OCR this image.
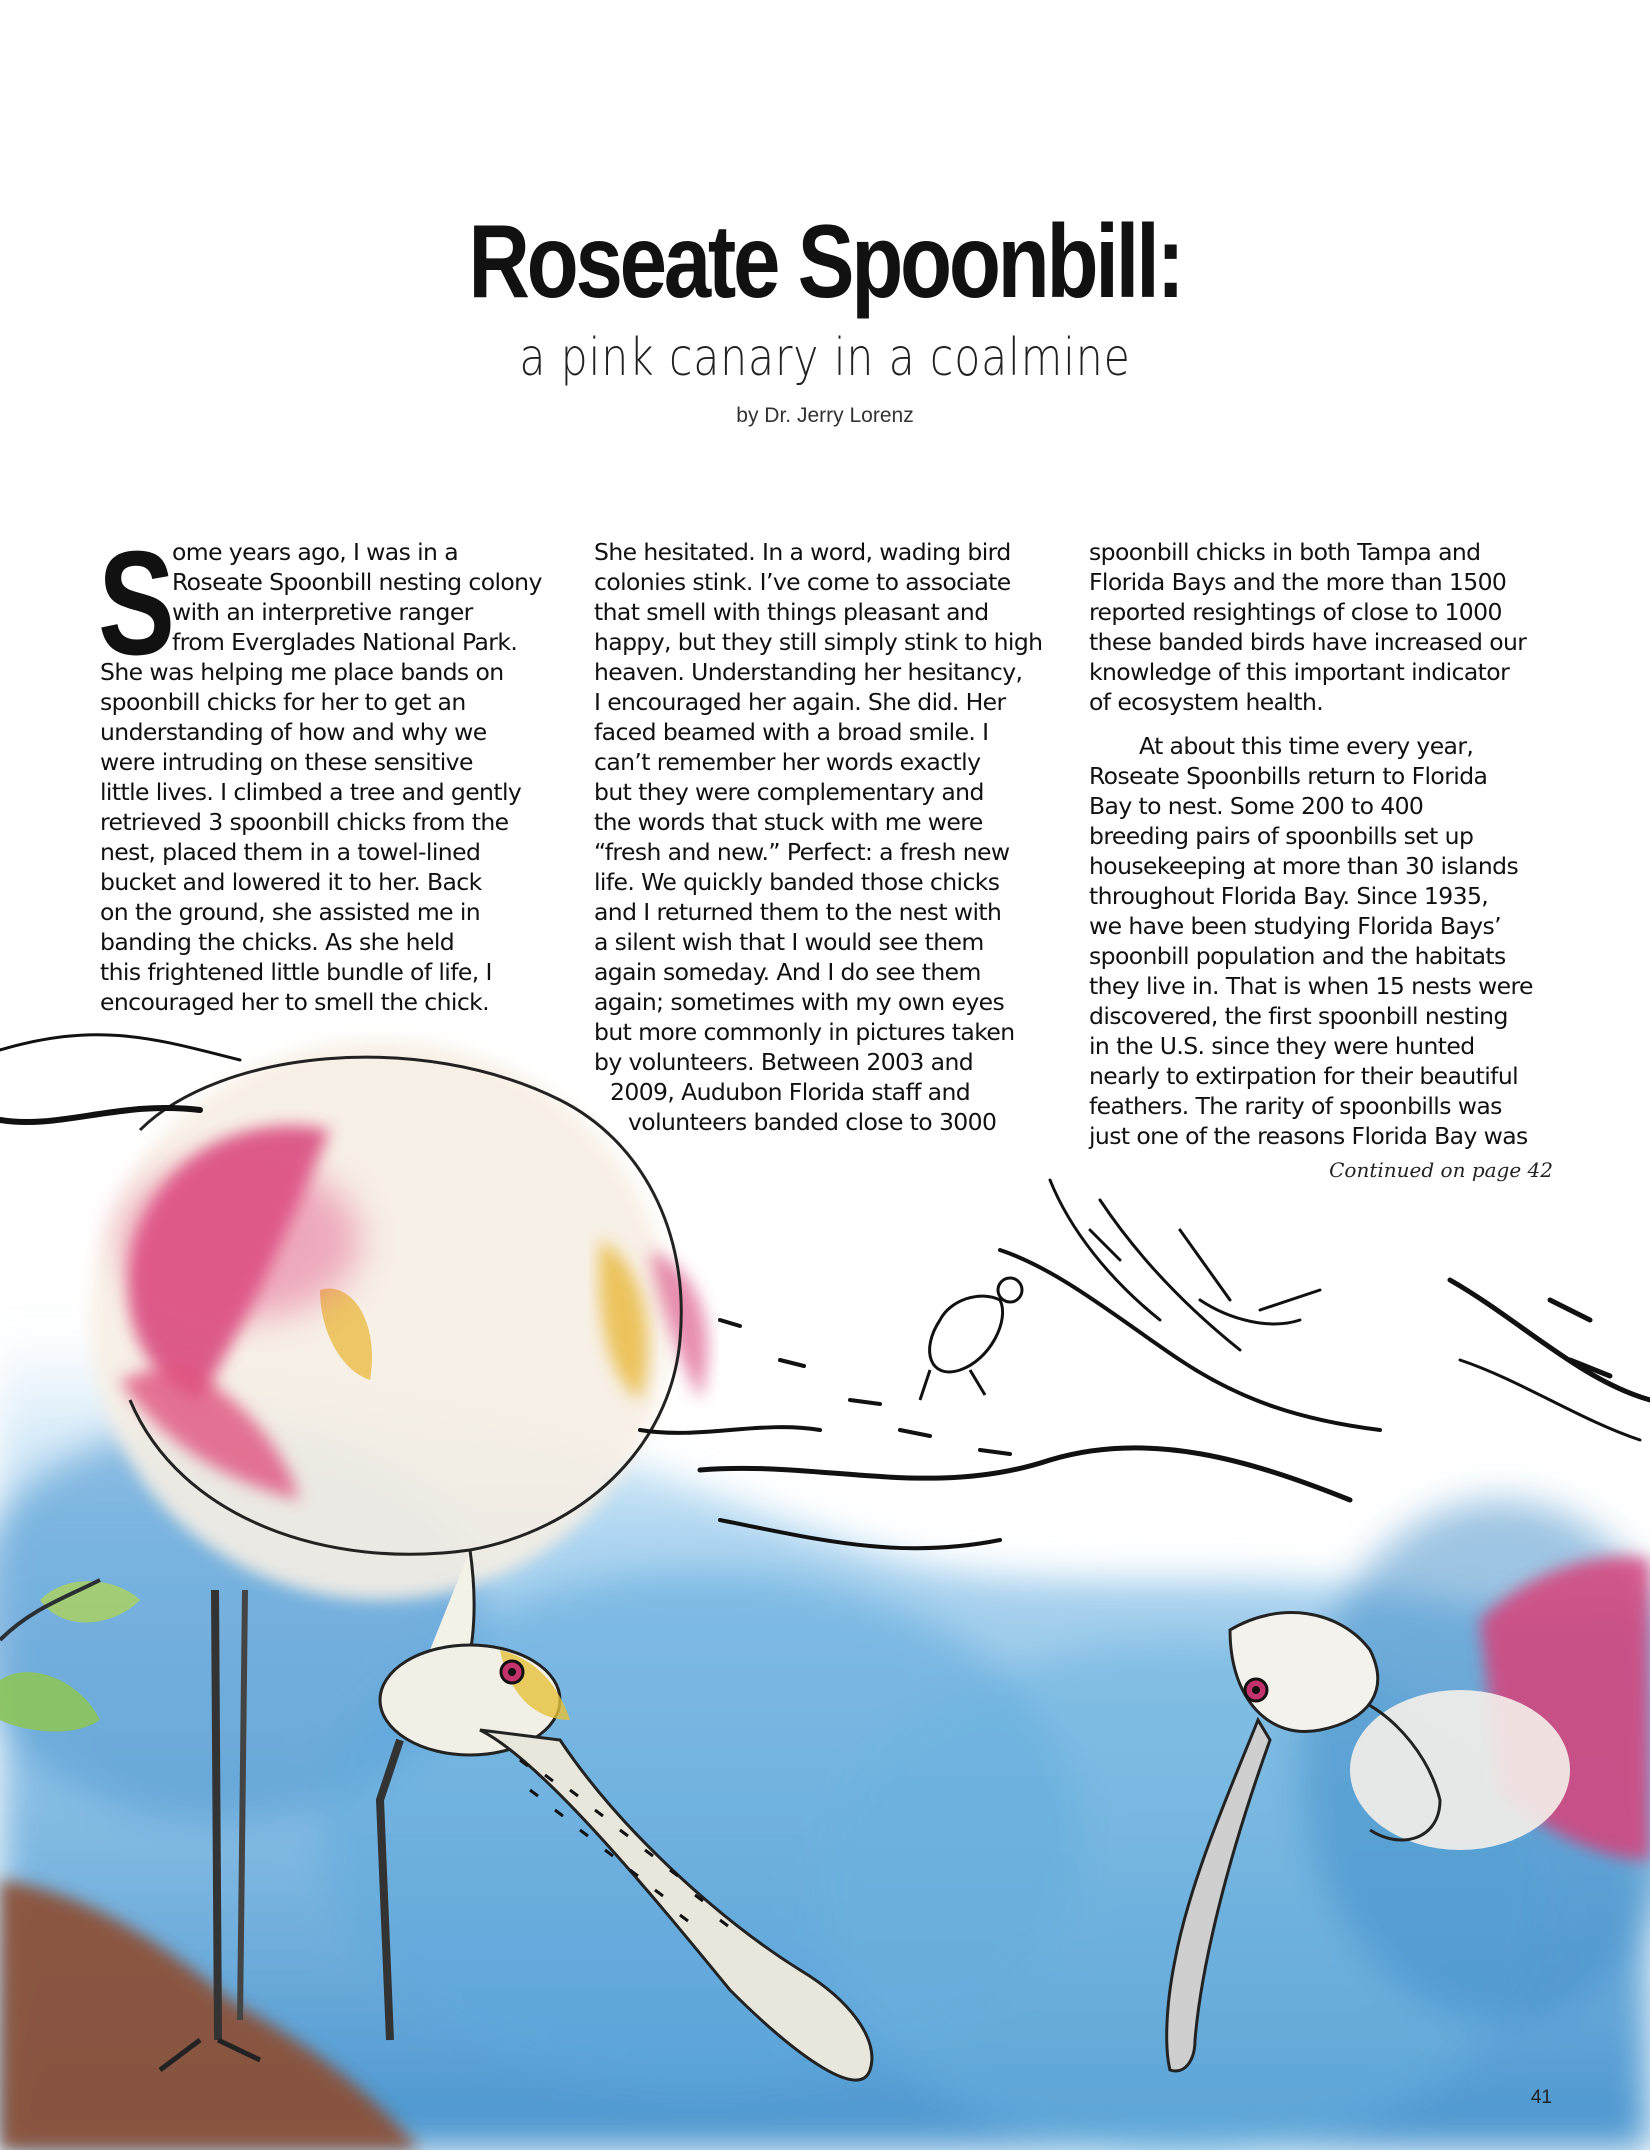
Roseate Spoonbill:
a pink canary in a coalmine
by Dr. Jerry Lorenz
S

ome years ago, I was in a
Roseate Spoonbill nesting colony
with an interpretive ranger
from Everglades National Park.
She was helping me place bands on
spoonbill chicks for her to get an
understanding of how and why we
were intruding on these sensitive
little lives. I climbed a tree and gently
retrieved 3 spoonbill chicks from the
nest, placed them in a towel-lined
bucket and lowered it to her. Back
on the ground, she assisted me in
banding the chicks. As she held
this frightened little bundle of life, I
encouraged her to smell the chick.

She hesitated. In a word, wading bird
colonies stink. I’ve come to associate
that smell with things pleasant and
happy, but they still simply stink to high
heaven. Understanding her hesitancy,
I encouraged her again. She did. Her
faced beamed with a broad smile. I
can’t remember her words exactly
but they were complementary and
the words that stuck with me were
“fresh and new.” Perfect: a fresh new
life. We quickly banded those chicks
and I returned them to the nest with
a silent wish that I would see them
again someday. And I do see them
again; sometimes with my own eyes
but more commonly in pictures taken
by volunteers. Between 2003 and
2009, Audubon Florida staff and
volunteers banded close to 3000

spoonbill chicks in both Tampa and
Florida Bays and the more than 1500
reported resightings of close to 1000
these banded birds have increased our
knowledge of this important indicator
of ecosystem health.

At about this time every year,
Roseate Spoonbills return to Florida
Bay to nest. Some 200 to 400
breeding pairs of spoonbills set up
housekeeping at more than 30 islands
throughout Florida Bay. Since 1935,
we have been studying Florida Bays’
spoonbill population and the habitats
they live in. That is when 15 nests were
discovered, the first spoonbill nesting
in the U.S. since they were hunted
nearly to extirpation for their beautiful
feathers. The rarity of spoonbills was
just one of the reasons Florida Bay was

Continued on page 42
41
